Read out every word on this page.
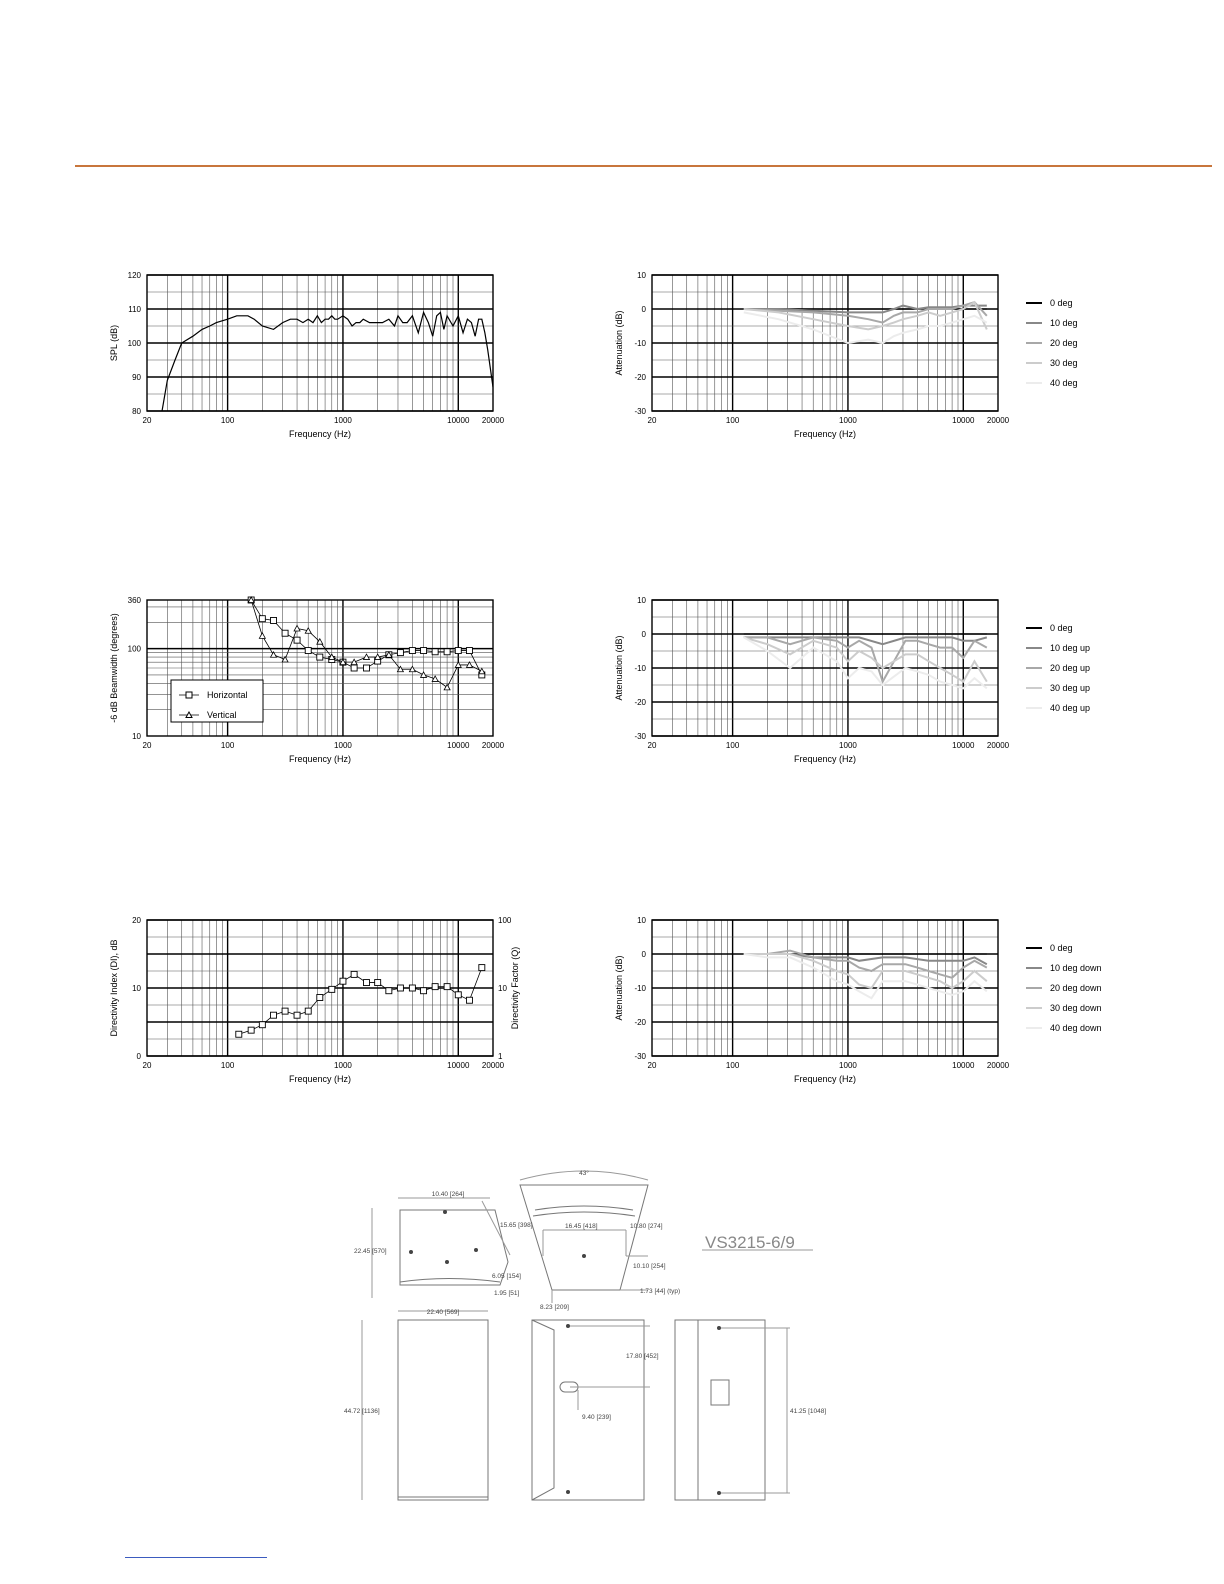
20	100	1000	10000 20000
120
110
100
90
80
Frequency (Hz)
SPL (dB)
20	100	1000	10000 20000
10
0
-10
-20
-30
Frequency (Hz)
Attenuation (dB)
0 deg
10 deg
20 deg
30 deg
40 deg
20	100	1000	10000 20000
360
100
10
Frequency (Hz)
-6 dB Beamwidth (degrees)	Horizontal
Vertical
20	100	1000	10000 20000
10
0
-10
-20
-30
Frequency (Hz)
Attenuation (dB)
0 deg
10 deg up
20 deg up
30 deg up
40 deg up
20	100	1000	10000 20000
20
10
0
100
10
1
Directivity Factor (Q)
Frequency (Hz)
Directivity Index (DI), dB
20	100	1000	10000 20000
10
0
-10
-20
-30
Frequency (Hz)
Attenuation (dB)
0 deg
10 deg down
20 deg down
30 deg down
40 deg down
10.40 [264]
15.65 [398]
22.45 [570]
6.05 [154]
1.95 [51]
43°
16.45 [418]	10.80 [274]
10.10 [254]
8.23 [209]
1.73 [44] (typ)
22.40 [569]
44.72 [1136]
17.80 [452]
9.40 [239]
41.25 [1048]
VS3215-6/9
